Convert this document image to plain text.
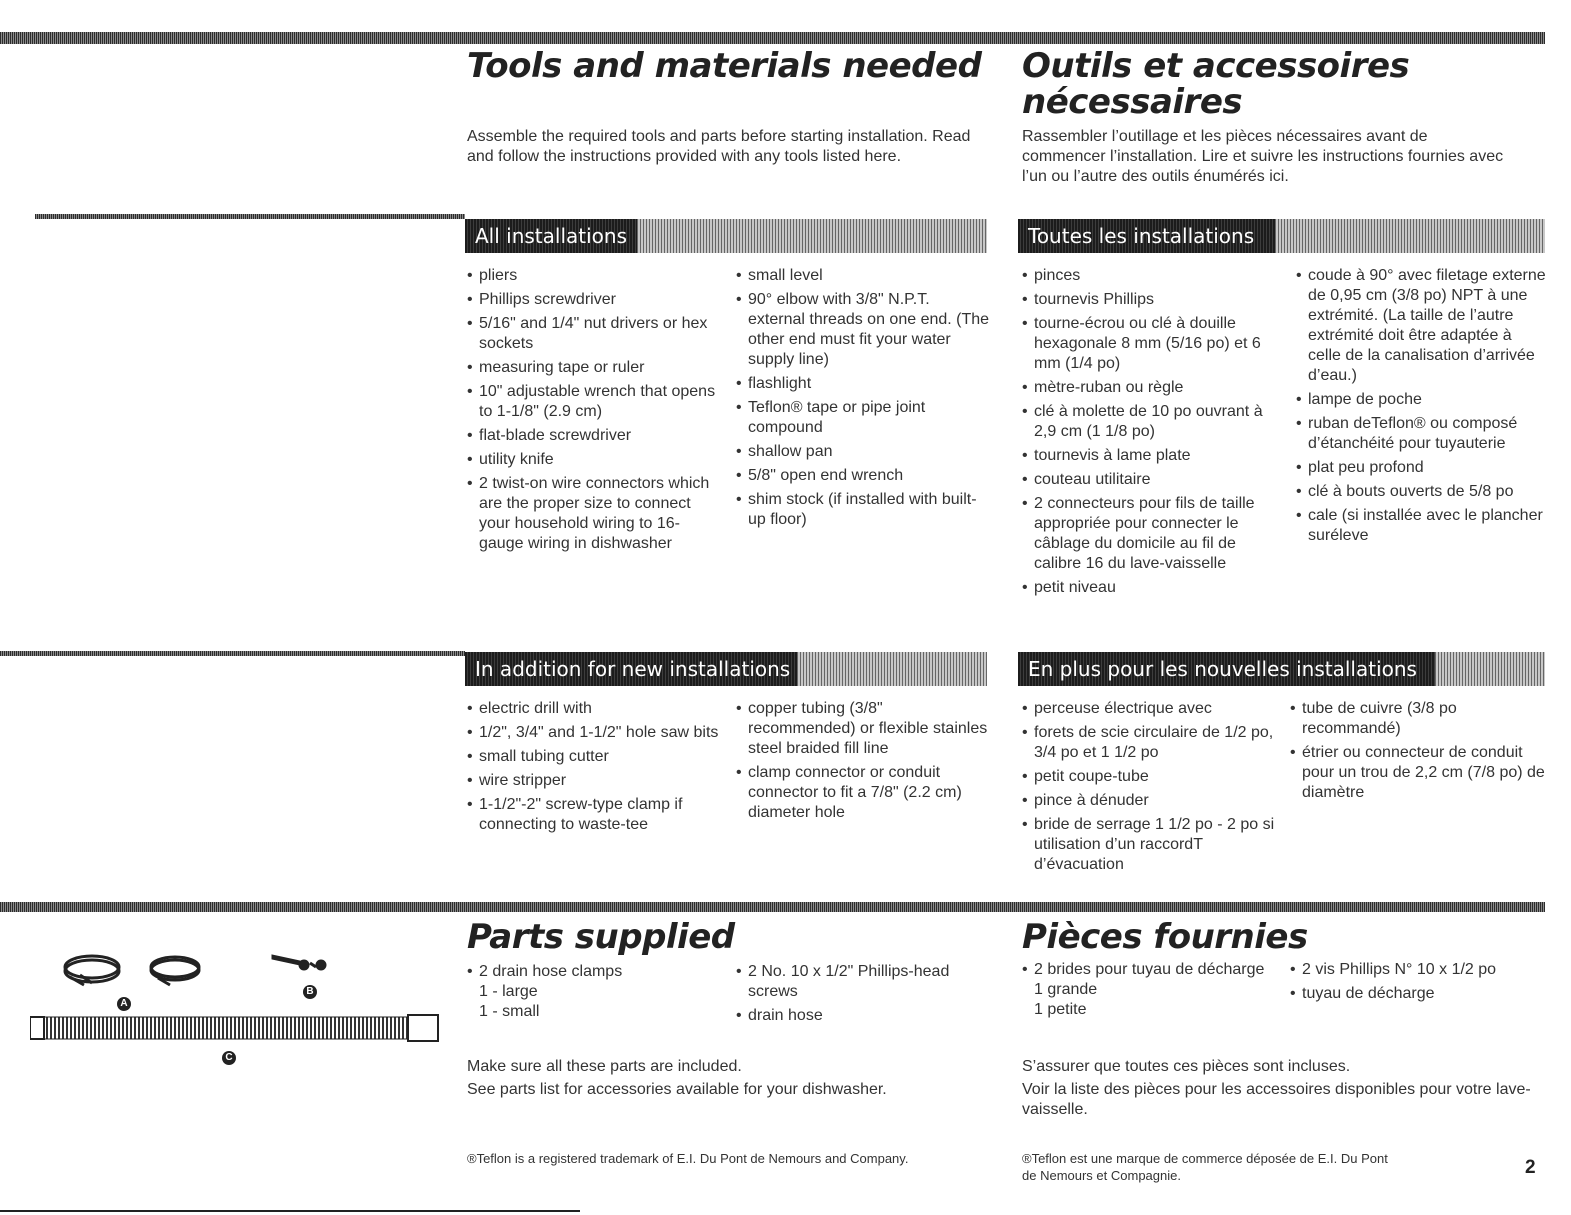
Tools and materials needed Outils et accessoires
nécessaires

Assemble the required tools and parts before starting installation. Read and follow the instructions provided with any tools listed here.

Rassembler l’outillage et les pièces nécessaires avant de commencer l’installation. Lire et suivre les instructions fournies avec l’un ou l’autre des outils énumérés ici.

All installations	Toutes les installations
• pliers
• Phillips screwdriver
• 5/16" and 1/4" nut drivers or hex sockets
• measuring tape or ruler
• 10" adjustable wrench that opens to 1-1/8" (2.9 cm)
• flat-blade screwdriver
• utility knife
• 2 twist-on wire connectors which are the proper size to connect your household wiring to 16-gauge wiring in dishwasher
• small level
• 90° elbow with 3/8" N.P.T. external threads on one end. (The other end must fit your water supply line)
• flashlight
• Teflon® tape or pipe joint compound
• shallow pan
• 5/8" open end wrench
• shim stock (if installed with built-up floor)
• pinces
• tournevis Phillips
• tourne-écrou ou clé à douille hexagonale 8 mm (5/16 po) et 6 mm (1/4 po)
• mètre-ruban ou règle
• clé à molette de 10 po ouvrant à 2,9 cm (1 1/8 po)
• tournevis à lame plate
• couteau utilitaire
• 2 connecteurs pour fils de taille appropriée pour connecter le câblage du domicile au fil de calibre 16 du lave-vaisselle
• petit niveau
• coude à 90° avec filetage externe de 0,95 cm (3/8 po) NPT à une extrémité. (La taille de l’autre extrémité doit être adaptée à celle de la canalisation d’arrivée d’eau.)
• lampe de poche
• ruban deTeflon® ou composé d’étanchéité pour tuyauterie
• plat peu profond
• clé à bouts ouverts de 5/8 po
• cale (si installée avec le plancher suréleve
In addition for new installations	En plus pour les nouvelles installations
• electric drill with
• 1/2", 3/4" and 1-1/2" hole saw bits
• small tubing cutter
• wire stripper
• 1-1/2"-2" screw-type clamp if connecting to waste-tee
• copper tubing (3/8" recommended) or flexible stainles steel braided fill line
• clamp connector or conduit connector to fit a 7/8" (2.2 cm) diameter hole
• perceuse électrique avec
• forets de scie circulaire de 1/2 po, 3/4 po et 1 1/2 po
• petit coupe-tube
• pince à dénuder
• bride de serrage 1 1/2 po - 2 po si utilisation d’un raccordT d’évacuation
• tube de cuivre (3/8 po recommandé)
• étrier ou connecteur de conduit pour un trou de 2,2 cm (7/8 po) de diamètre
A
B
C
Parts supplied	Pièces fournies
• 2 drain hose clamps
1 - large
1 - small
• 2 No. 10 x 1/2" Phillips-head screws
• drain hose
• 2 brides pour tuyau de décharge
1 grande
1 petite
• 2 vis Phillips N° 10 x 1/2 po
• tuyau de décharge

Make sure all these parts are included.

See parts list for accessories available for your dishwasher.

S’assurer que toutes ces pièces sont incluses.

Voir la liste des pièces pour les accessoires disponibles pour votre lave-vaisselle.

®Teflon is a registered trademark of E.I. Du Pont de Nemours and Company.	®Teflon est une marque de commerce déposée de E.I. Du Pont de Nemours et Compagnie.	2
